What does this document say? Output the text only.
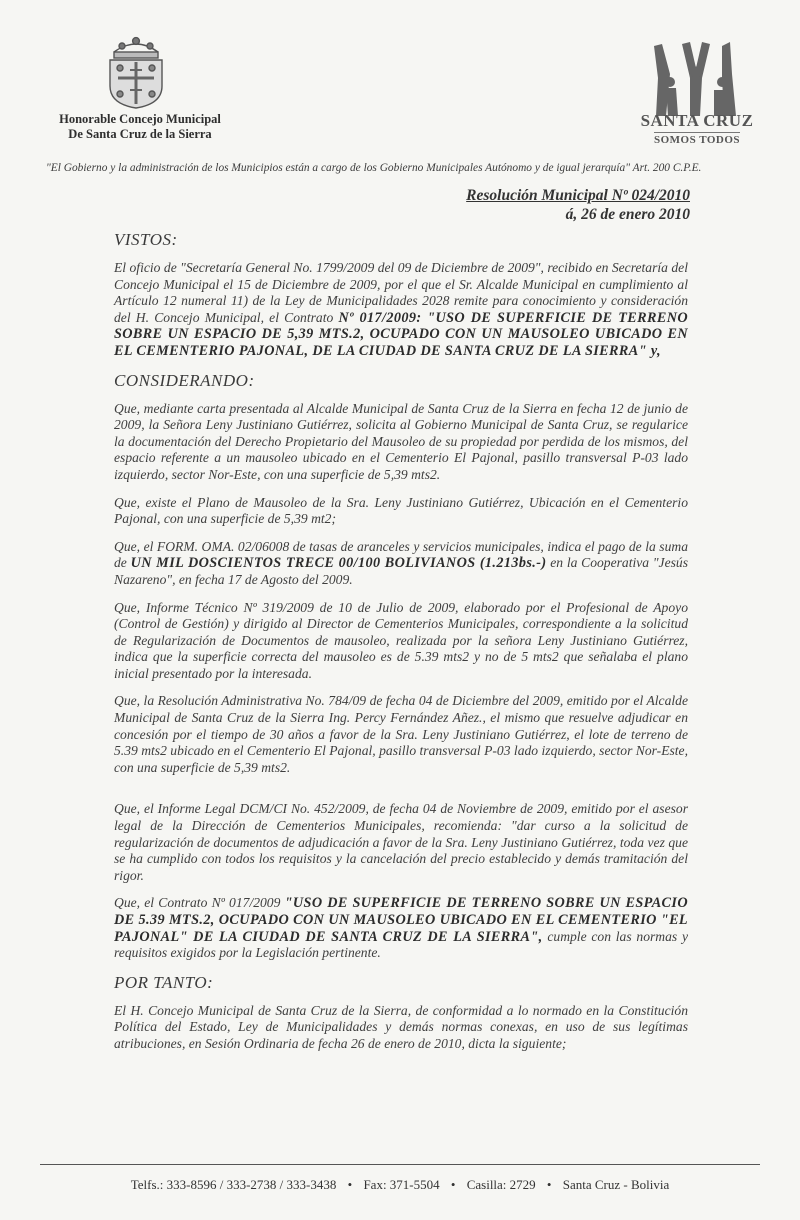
Honorable Concejo Municipal
De Santa Cruz de la Sierra
SANTA CRUZ
SOMOS TODOS
"El Gobierno y la administración de los Municipios están a cargo de los Gobierno Municipales Autónomo y de igual jerarquía" Art. 200 C.P.E.
Resolución Municipal Nº 024/2010
á, 26 de enero 2010
VISTOS:

El oficio de "Secretaría General No. 1799/2009 del 09 de Diciembre de 2009", recibido en Secretaría del Concejo Municipal el 15 de Diciembre de 2009, por el que el Sr. Alcalde Municipal en cumplimiento al Artículo 12 numeral 11) de la Ley de Municipalidades 2028 remite para conocimiento y consideración del H. Concejo Municipal, el Contrato Nº 017/2009: "USO DE SUPERFICIE DE TERRENO SOBRE UN ESPACIO DE 5,39 MTS.2, OCUPADO CON UN MAUSOLEO UBICADO EN EL CEMENTERIO PAJONAL, DE LA CIUDAD DE SANTA CRUZ DE LA SIERRA" y,

CONSIDERANDO:

Que, mediante carta presentada al Alcalde Municipal de Santa Cruz de la Sierra en fecha 12 de junio de 2009, la Señora Leny Justiniano Gutiérrez, solicita al Gobierno Municipal de Santa Cruz, se regularice la documentación del Derecho Propietario del Mausoleo de su propiedad por perdida de los mismos, del espacio referente a un mausoleo ubicado en el Cementerio El Pajonal, pasillo transversal P-03 lado izquierdo, sector Nor-Este, con una superficie de 5,39 mts2.

Que, existe el Plano de Mausoleo de la Sra. Leny Justiniano Gutiérrez, Ubicación en el Cementerio Pajonal, con una superficie de 5,39 mt2;

Que, el FORM. OMA. 02/06008 de tasas de aranceles y servicios municipales, indica el pago de la suma de UN MIL DOSCIENTOS TRECE 00/100 BOLIVIANOS (1.213bs.-) en la Cooperativa "Jesús Nazareno", en fecha 17 de Agosto del 2009.

Que, Informe Técnico Nº 319/2009 de 10 de Julio de 2009, elaborado por el Profesional de Apoyo (Control de Gestión) y dirigido al Director de Cementerios Municipales, correspondiente a la solicitud de Regularización de Documentos de mausoleo, realizada por la señora Leny Justiniano Gutiérrez, indica que la superficie correcta del mausoleo es de 5.39 mts2 y no de 5 mts2 que señalaba el plano inicial presentado por la interesada.

Que, la Resolución Administrativa No. 784/09 de fecha 04 de Diciembre del 2009, emitido por el Alcalde Municipal de Santa Cruz de la Sierra Ing. Percy Fernández Añez., el mismo que resuelve adjudicar en concesión por el tiempo de 30 años a favor de la Sra. Leny Justiniano Gutiérrez, el lote de terreno de 5.39 mts2 ubicado en el Cementerio El Pajonal, pasillo transversal P-03 lado izquierdo, sector Nor-Este, con una superficie de 5,39 mts2.

Que, el Informe Legal DCM/CI No. 452/2009, de fecha 04 de Noviembre de 2009, emitido por el asesor legal de la Dirección de Cementerios Municipales, recomienda: "dar curso a la solicitud de regularización de documentos de adjudicación a favor de la Sra. Leny Justiniano Gutiérrez, toda vez que se ha cumplido con todos los requisitos y la cancelación del precio establecido y demás tramitación del rigor.

Que, el Contrato Nº 017/2009 "USO DE SUPERFICIE DE TERRENO SOBRE UN ESPACIO DE 5.39 MTS.2, OCUPADO CON UN MAUSOLEO UBICADO EN EL CEMENTERIO "EL PAJONAL" DE LA CIUDAD DE SANTA CRUZ DE LA SIERRA", cumple con las normas y requisitos exigidos por la Legislación pertinente.

POR TANTO:

El H. Concejo Municipal de Santa Cruz de la Sierra, de conformidad a lo normado en la Constitución Política del Estado, Ley de Municipalidades y demás normas conexas, en uso de sus legítimas atribuciones, en Sesión Ordinaria de fecha 26 de enero de 2010, dicta la siguiente;

Telfs.: 333-8596 / 333-2738 / 333-3438 • Fax: 371-5504 • Casilla: 2729 • Santa Cruz - Bolivia
